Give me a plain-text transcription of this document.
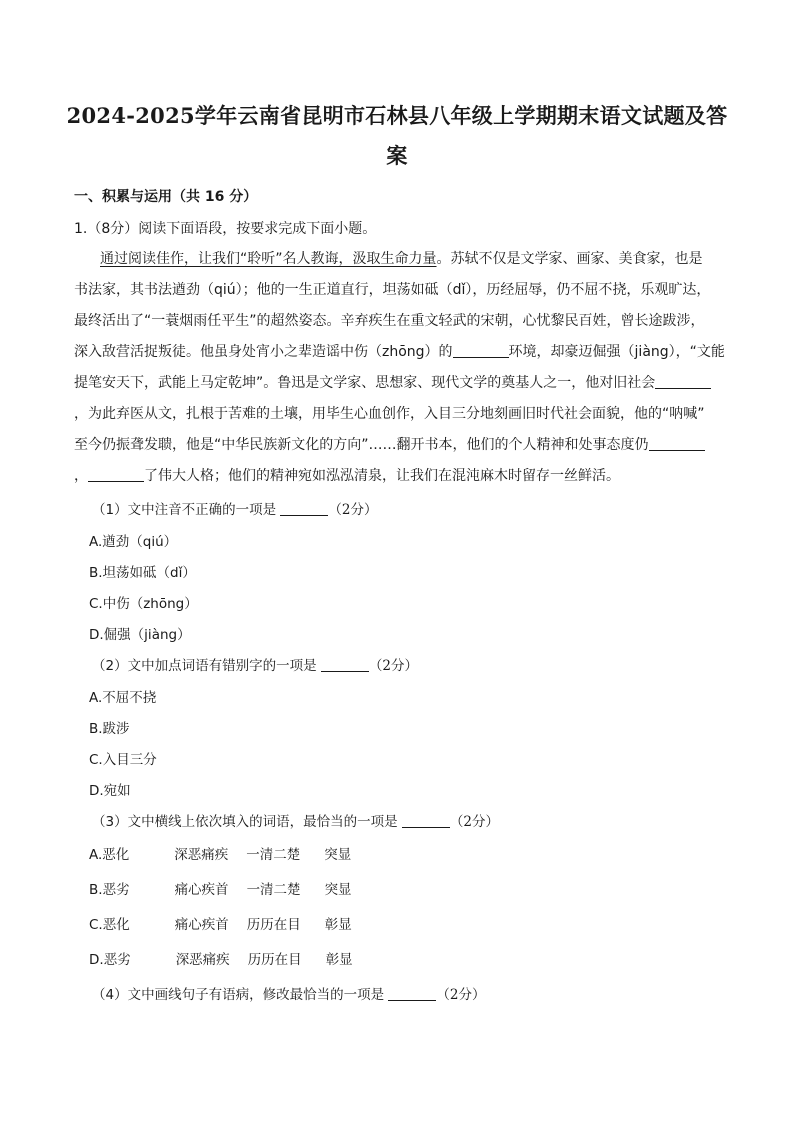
2024-2025学年云南省昆明市石林县八年级上学期期末语文试题及答
案
一、积累与运用（共 16 分）
1.（8分）阅读下面语段，按要求完成下面小题。
通过阅读佳作，让我们“聆听”名人教诲，汲取生命力量。苏轼不仅是文学家、画家、美食家，也是
书法家，其书法遒劲（qiú）；他的一生正道直行，坦荡如砥（dǐ），历经屈辱，仍不屈不挠，乐观旷达，
最终活出了“一蓑烟雨任平生”的超然姿态。辛弃疾生在重文轻武的宋朝，心忧黎民百姓，曾长途跋涉，
深入敌营活捉叛徒。他虽身处宵小之辈造谣中伤（zhōng）的	环境，却豪迈倔强（jiàng），“文能
提笔安天下，武能上马定乾坤”。鲁迅是文学家、思想家、现代文学的奠基人之一，他对旧社会
，为此弃医从文，扎根于苦难的土壤，用毕生心血创作，入目三分地刻画旧时代社会面貌，他的“呐喊”
至今仍振聋发聩，他是“中华民族新文化的方向”……翻开书本，他们的个人精神和处事态度仍
，	了伟大人格；他们的精神宛如泓泓清泉，让我们在混沌麻木时留存一丝鲜活。
（1）文中注音不正确的一项是	（2分）
A.遒劲（qiú）
B.坦荡如砥（dǐ）
C.中伤（zhōng）
D.倔强（jiàng）
（2）文中加点词语有错别字的一项是	（2分）
A.不屈不挠
B.跋涉
C.入目三分
D.宛如
（3）文中横线上依次填入的词语，最恰当的一项是	（2分）
A.恶化	深恶痛疾 一清二楚 突显
B.恶劣	痛心疾首 一清二楚 突显
C.恶化	痛心疾首 历历在目 彰显
D.恶劣	深恶痛疾 历历在目 彰显
（4）文中画线句子有语病，修改最恰当的一项是	（2分）
